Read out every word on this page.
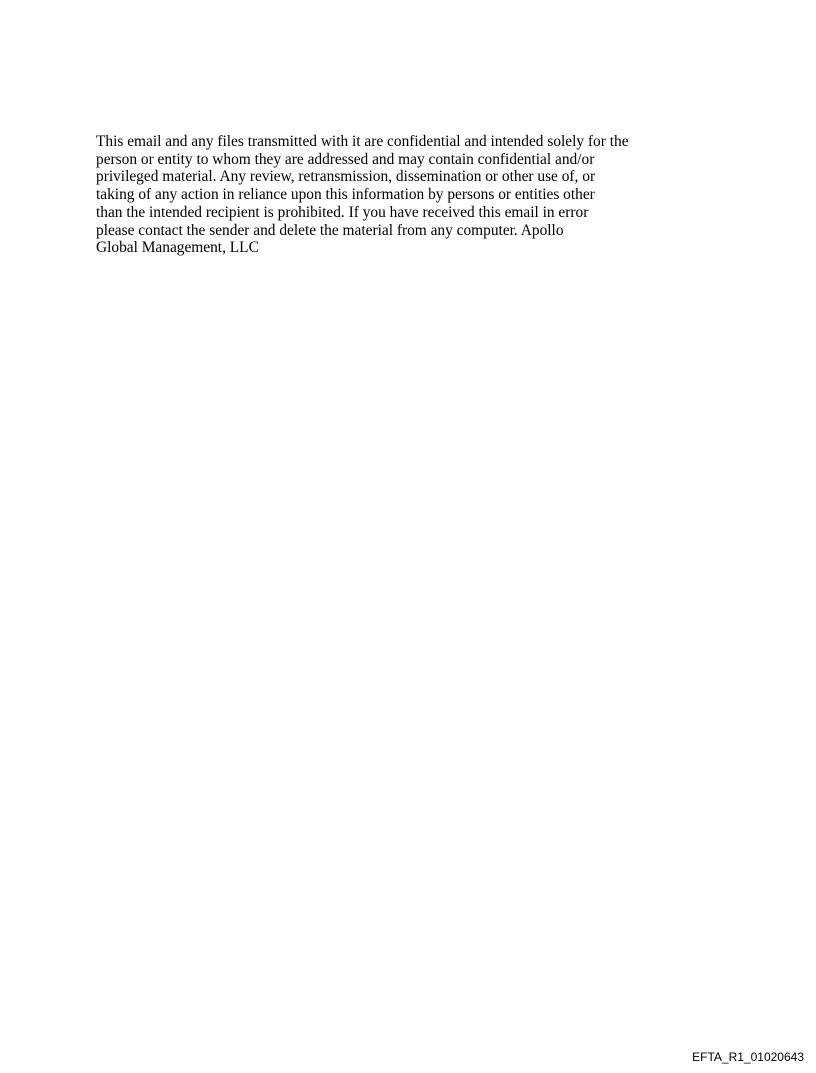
This email and any files transmitted with it are confidential and intended solely for the
person or entity to whom they are addressed and may contain confidential and/or
privileged material. Any review, retransmission, dissemination or other use of, or
taking of any action in reliance upon this information by persons or entities other
than the intended recipient is prohibited. If you have received this email in error
please contact the sender and delete the material from any computer. Apollo
Global Management, LLC

EFTA_R1_01020643
